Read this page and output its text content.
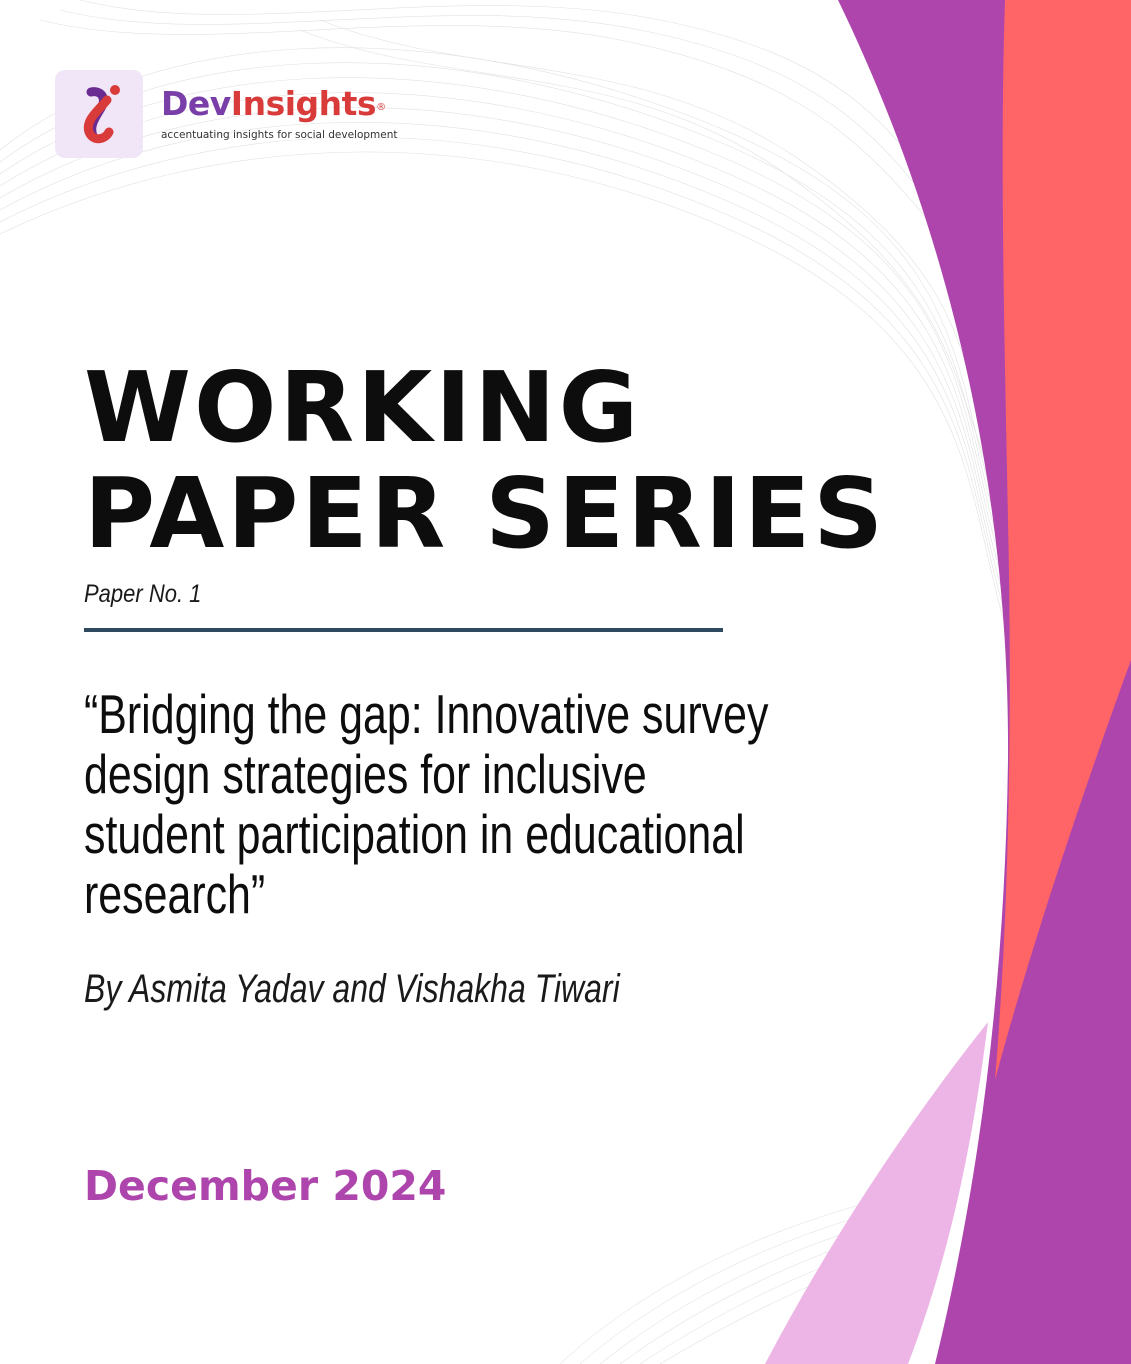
DevInsights®
accentuating insights for social development
WORKING
PAPER SERIES
Paper No. 1
“Bridging the gap: Innovative survey design strategies for inclusive student participation in educational research”
By Asmita Yadav and Vishakha Tiwari
December 2024
